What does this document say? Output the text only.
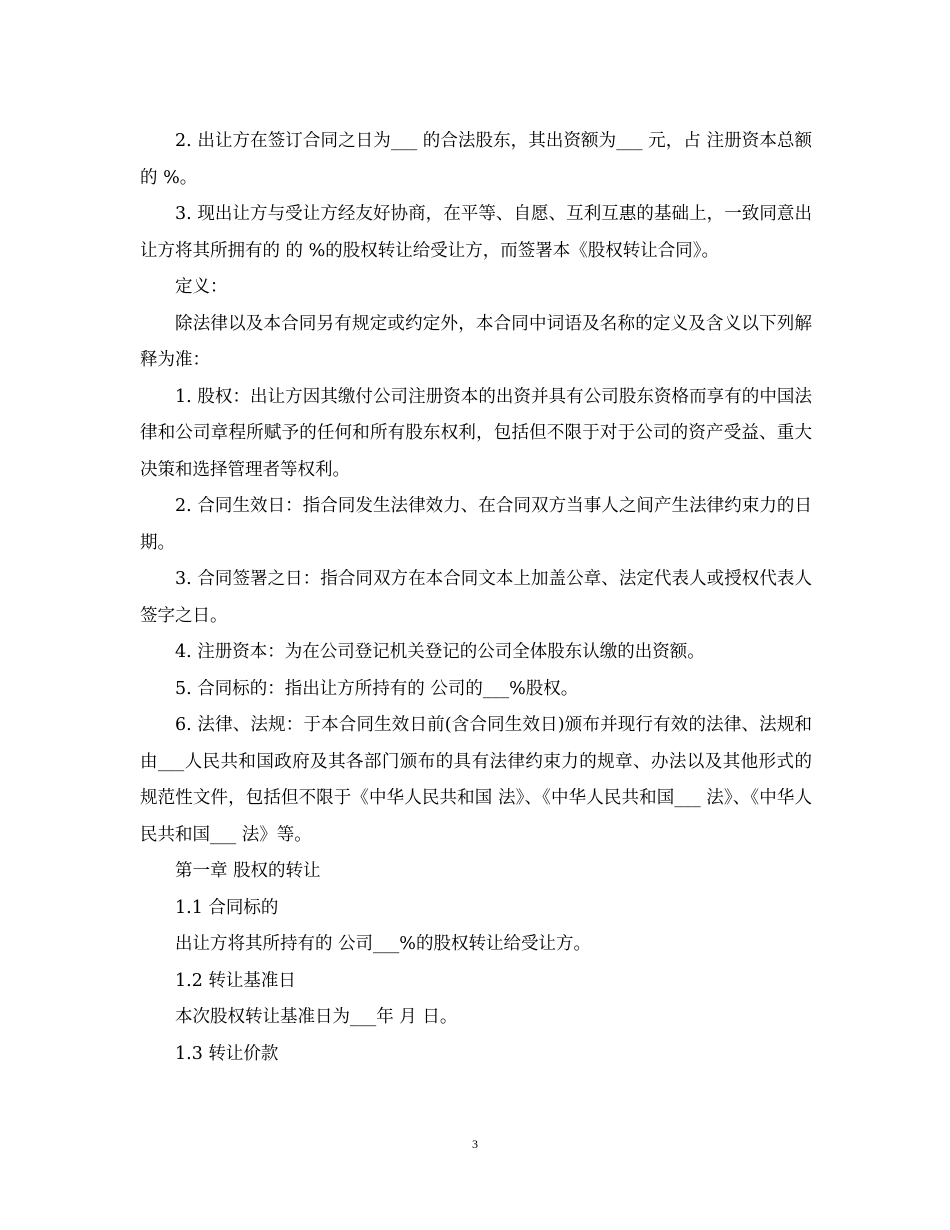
2. 出让方在签订合同之日为___ 的合法股东，其出资额为___ 元，占 注册资本总额的 %。

3. 现出让方与受让方经友好协商，在平等、自愿、互利互惠的基础上，一致同意出让方将其所拥有的 的 %的股权转让给受让方，而签署本《股权转让合同》。

定义：

除法律以及本合同另有规定或约定外，本合同中词语及名称的定义及含义以下列解释为准：

1. 股权：出让方因其缴付公司注册资本的出资并具有公司股东资格而享有的中国法律和公司章程所赋予的任何和所有股东权利，包括但不限于对于公司的资产受益、重大决策和选择管理者等权利。

2. 合同生效日：指合同发生法律效力、在合同双方当事人之间产生法律约束力的日期。

3. 合同签署之日：指合同双方在本合同文本上加盖公章、法定代表人或授权代表人签字之日。

4. 注册资本：为在公司登记机关登记的公司全体股东认缴的出资额。

5. 合同标的：指出让方所持有的 公司的___%股权。

6. 法律、法规：于本合同生效日前(含合同生效日)颁布并现行有效的法律、法规和由___人民共和国政府及其各部门颁布的具有法律约束力的规章、办法以及其他形式的规范性文件，包括但不限于《中华人民共和国 法》、《中华人民共和国___ 法》、《中华人民共和国___ 法》等。

第一章 股权的转让

1.1 合同标的

出让方将其所持有的 公司___%的股权转让给受让方。

1.2 转让基准日

本次股权转让基准日为___年 月 日。

1.3 转让价款

3
